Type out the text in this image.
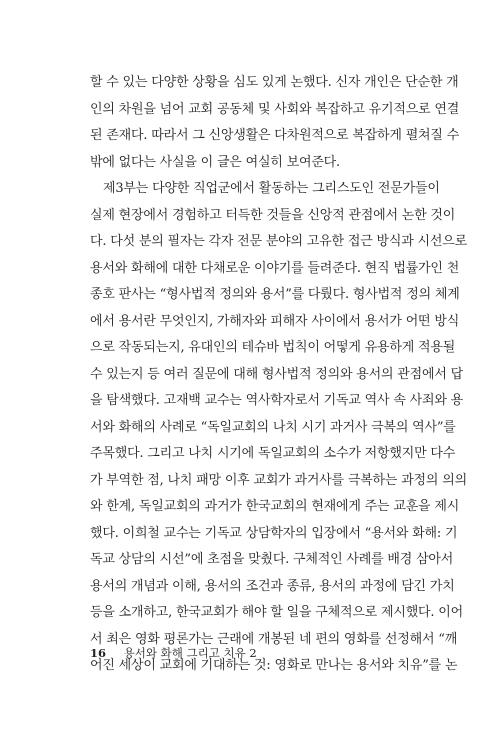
할 수 있는 다양한 상황을 심도 있게 논했다. 신자 개인은 단순한 개
인의 차원을 넘어 교회 공동체 및 사회와 복잡하고 유기적으로 연결
된 존재다. 따라서 그 신앙생활은 다차원적으로 복잡하게 펼쳐질 수
밖에 없다는 사실을 이 글은 여실히 보여준다.
제3부는 다양한 직업군에서 활동하는 그리스도인 전문가들이
실제 현장에서 경험하고 터득한 것들을 신앙적 관점에서 논한 것이
다. 다섯 분의 필자는 각자 전문 분야의 고유한 접근 방식과 시선으로
용서와 화해에 대한 다채로운 이야기를 들려준다. 현직 법률가인 천
종호 판사는 “형사법적 정의와 용서”를 다뤘다. 형사법적 정의 체계
에서 용서란 무엇인지, 가해자와 피해자 사이에서 용서가 어떤 방식
으로 작동되는지, 유대인의 테슈바 법칙이 어떻게 유용하게 적용될
수 있는지 등 여러 질문에 대해 형사법적 정의와 용서의 관점에서 답
을 탐색했다. 고재백 교수는 역사학자로서 기독교 역사 속 사죄와 용
서와 화해의 사례로 “독일교회의 나치 시기 과거사 극복의 역사”를
주목했다. 그리고 나치 시기에 독일교회의 소수가 저항했지만 다수
가 부역한 점, 나치 패망 이후 교회가 과거사를 극복하는 과정의 의의
와 한계, 독일교회의 과거가 한국교회의 현재에게 주는 교훈을 제시
했다. 이희철 교수는 기독교 상담학자의 입장에서 “용서와 화해: 기
독교 상담의 시선”에 초점을 맞췄다. 구체적인 사례를 배경 삼아서
용서의 개념과 이해, 용서의 조건과 종류, 용서의 과정에 담긴 가치
등을 소개하고, 한국교회가 해야 할 일을 구체적으로 제시했다. 이어
서 최은 영화 평론가는 근래에 개봉된 네 편의 영화를 선정해서 “깨
어진 세상이 교회에 기대하는 것: 영화로 만나는 용서와 치유”를 논
16 용서와 화해 그리고 치유 2
